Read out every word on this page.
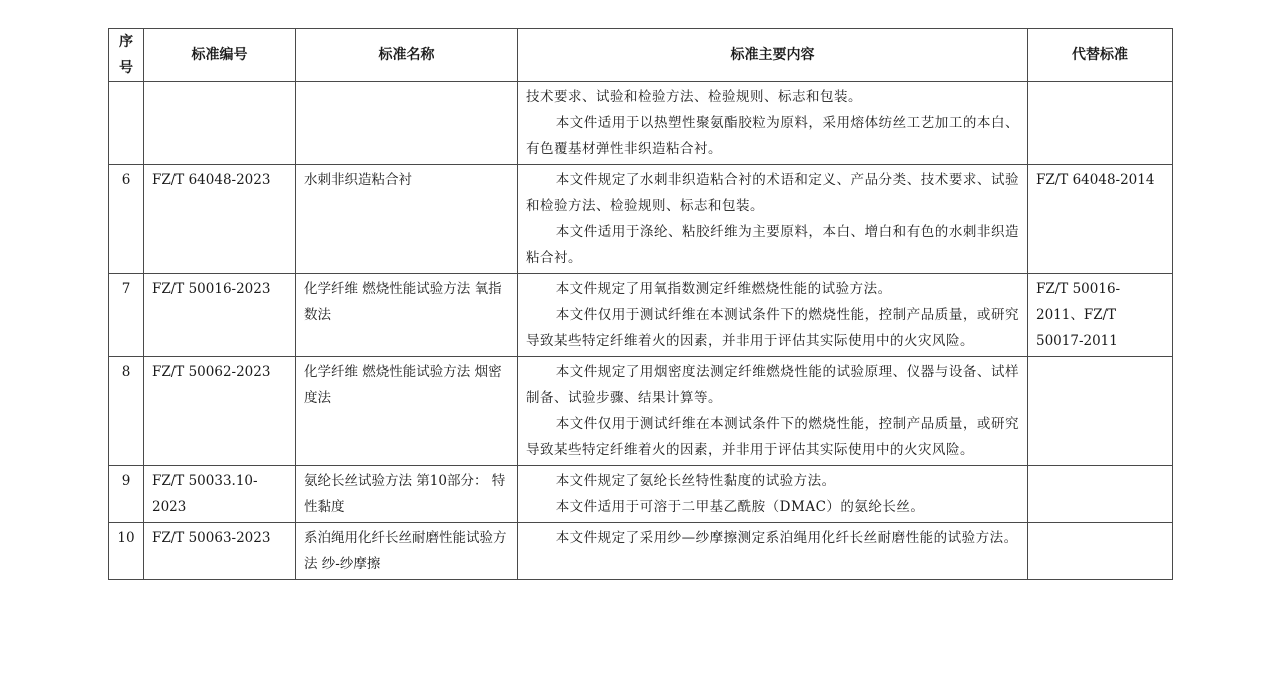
序
号	标准编号	标准名称	标准主要内容	代替标准

			技术要求、试验和检验方法、检验规则、标志和包装。
本文件适用于以热塑性聚氨酯胶粒为原料，采用熔体纺丝工艺加工的本白、有色覆基材弹性非织造粘合衬。	

6	FZ/T 64048-2023	水刺非织造粘合衬	本文件规定了水刺非织造粘合衬的术语和定义、产品分类、技术要求、试验和检验方法、检验规则、标志和包装。
本文件适用于涤纶、粘胶纤维为主要原料，本白、增白和有色的水刺非织造粘合衬。	FZ/T 64048-2014
7	FZ/T 50016-2023	化学纤维 燃烧性能试验方法 氧指数法	本文件规定了用氧指数测定纤维燃烧性能的试验方法。
本文件仅用于测试纤维在本测试条件下的燃烧性能，控制产品质量，或研究导致某些特定纤维着火的因素，并非用于评估其实际使用中的火灾风险。	FZ/T 50016-2011、FZ/T 50017-2011
8	FZ/T 50062-2023	化学纤维 燃烧性能试验方法 烟密度法	本文件规定了用烟密度法测定纤维燃烧性能的试验原理、仪器与设备、试样制备、试验步骤、结果计算等。
本文件仅用于测试纤维在本测试条件下的燃烧性能，控制产品质量，或研究导致某些特定纤维着火的因素，并非用于评估其实际使用中的火灾风险。	

9	FZ/T 50033.10-2023	氨纶长丝试验方法 第10部分： 特性黏度	本文件规定了氨纶长丝特性黏度的试验方法。
本文件适用于可溶于二甲基乙酰胺（DMAC）的氨纶长丝。	

10	FZ/T 50063-2023	系泊绳用化纤长丝耐磨性能试验方法 纱-纱摩擦	本文件规定了采用纱—纱摩擦测定系泊绳用化纤长丝耐磨性能的试验方法。	
